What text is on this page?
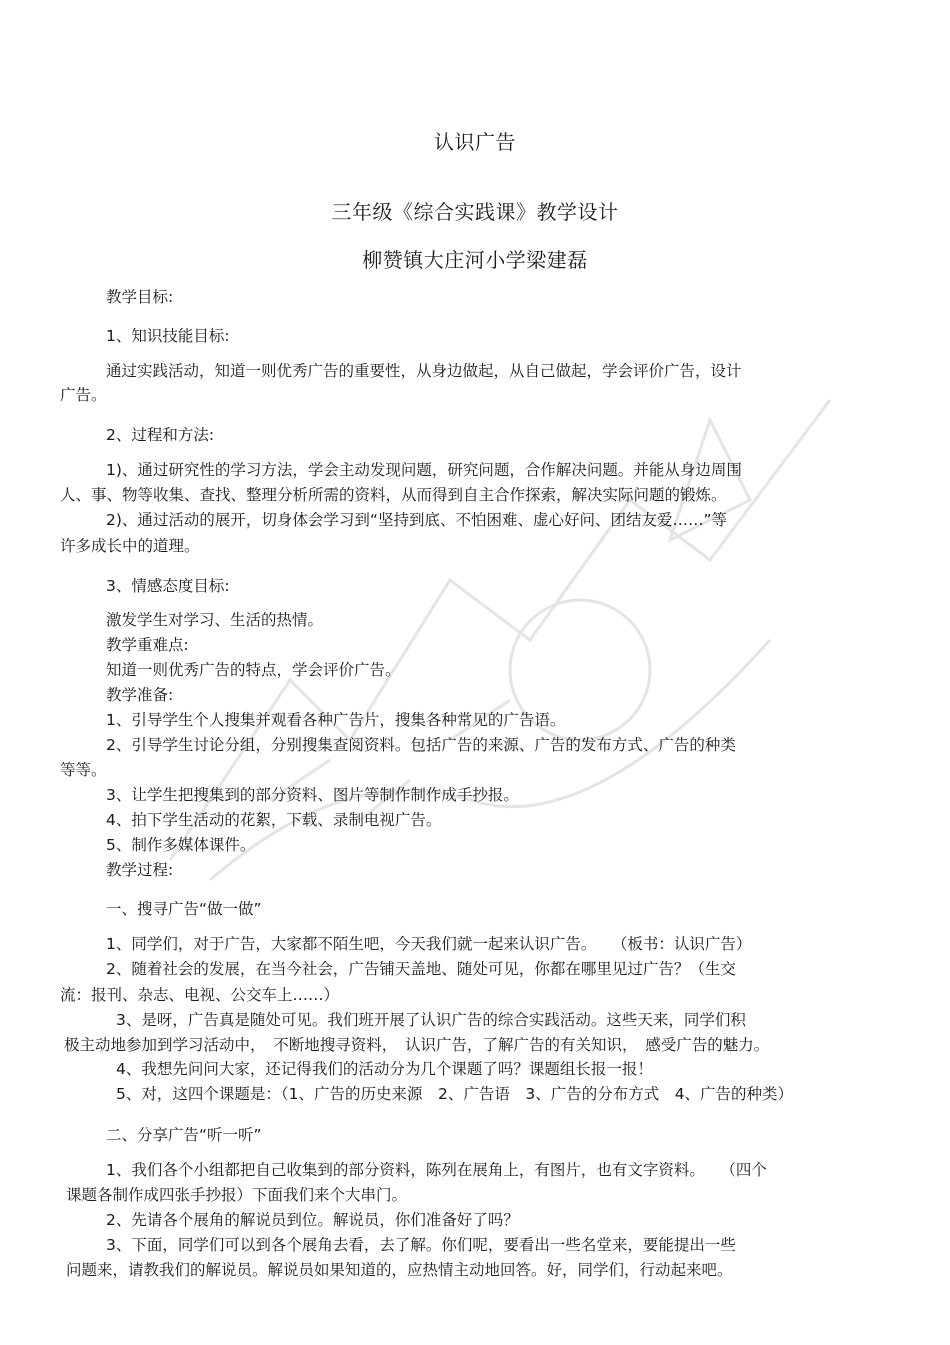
认识广告
三年级《综合实践课》教学设计
柳赞镇大庄河小学梁建磊
教学目标:
1、知识技能目标:
通过实践活动，知道一则优秀广告的重要性，从身边做起，从自己做起，学会评价广告，设计
广告。
2、过程和方法:
1)、通过研究性的学习方法，学会主动发现问题，研究问题，合作解决问题。并能从身边周围
人、事、物等收集、查找、整理分析所需的资料，从而得到自主合作探索，解决实际问题的锻炼。
2)、通过活动的展开，切身体会学习到“坚持到底、不怕困难、虚心好问、团结友爱……”等
许多成长中的道理。
3、情感态度目标:
激发学生对学习、生活的热情。
教学重难点:
知道一则优秀广告的特点，学会评价广告。
教学准备:
1、引导学生个人搜集并观看各种广告片，搜集各种常见的广告语。
2、引导学生讨论分组，分别搜集查阅资料。包括广告的来源、广告的发布方式、广告的种类
等等。
3、让学生把搜集到的部分资料、图片等制作制作成手抄报。
4、拍下学生活动的花絮，下载、录制电视广告。
5、制作多媒体课件。
教学过程:
一、搜寻广告“做一做”
1、同学们，对于广告，大家都不陌生吧，今天我们就一起来认识广告。　　（板书：认识广告）
2、随着社会的发展，在当今社会，广告铺天盖地、随处可见，你都在哪里见过广告？（生交
流：报刊、杂志、电视、公交车上……）
3、是呀，广告真是随处可见。我们班开展了认识广告的综合实践活动。这些天来，同学们积
极主动地参加到学习活动中，　不断地搜寻资料，　认识广告，了解广告的有关知识，　感受广告的魅力。
4、我想先问问大家，还记得我们的活动分为几个课题了吗？课题组长报一报！
5、对，这四个课题是：（1、广告的历史来源　2、广告语　3、广告的分布方式　4、广告的种类）
二、分享广告“听一听”
1、我们各个小组都把自己收集到的部分资料，陈列在展角上，有图片，也有文字资料。　　（四个
课题各制作成四张手抄报）下面我们来个大串门。
2、先请各个展角的解说员到位。解说员，你们准备好了吗？
3、下面，同学们可以到各个展角去看，去了解。你们呢，要看出一些名堂来，要能提出一些
问题来，请教我们的解说员。解说员如果知道的，应热情主动地回答。好，同学们，行动起来吧。
